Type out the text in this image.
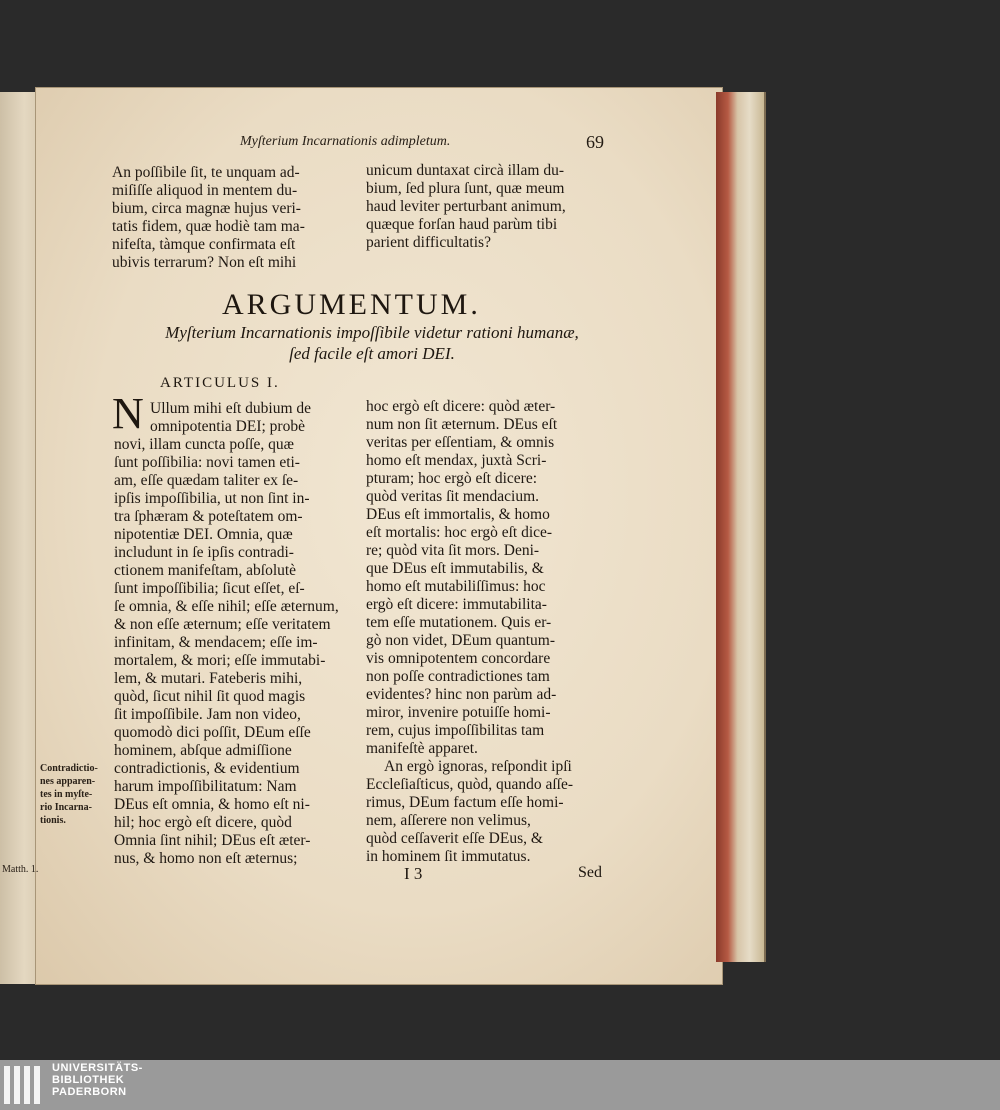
Matth. 1.
Myſterium Incarnationis adimpletum.	69
An poſſibile ſit, te unquam ad-
miſiſſe aliquod in mentem du-
bium, circa magnæ hujus veri-
tatis fidem, quæ hodiè tam ma-
nifeſta, tàmque confirmata eſt
ubivis terrarum? Non eſt mihi
unicum duntaxat circà illam du-
bium, ſed plura ſunt, quæ meum
haud leviter perturbant animum,
quæque forſan haud parùm tibi
parient difficultatis?
ARGUMENTUM.
Myſterium Incarnationis impoſſibile videtur rationi humanæ,
ſed facile eſt amori DEI.
ARTICULUS I.
N Ullum mihi eſt dubium de
omnipotentia DEI; probè
novi, illam cuncta poſſe, quæ
ſunt poſſibilia: novi tamen eti-
am, eſſe quædam taliter ex ſe-
ipſis impoſſibilia, ut non ſint in-
tra ſphæram & poteſtatem om-
nipotentiæ DEI. Omnia, quæ
includunt in ſe ipſis contradi-
ctionem manifeſtam, abſolutè
ſunt impoſſibilia; ſicut eſſet, eſ-
ſe omnia, & eſſe nihil; eſſe æternum,
& non eſſe æternum; eſſe veritatem
infinitam, & mendacem; eſſe im-
mortalem, & mori; eſſe immutabi-
lem, & mutari. Fateberis mihi,
quòd, ſicut nihil ſit quod magis
ſit impoſſibile. Jam non video,
quomodò dici poſſit, DEum eſſe
hominem, abſque admiſſione
contradictionis, & evidentium
harum impoſſibilitatum: Nam
DEus eſt omnia, & homo eſt ni-
hil; hoc ergò eſt dicere, quòd
Omnia ſint nihil; DEus eſt æter-
nus, & homo non eſt æternus;
hoc ergò eſt dicere: quòd æter-
num non ſit æternum. DEus eſt
veritas per eſſentiam, & omnis
homo eſt mendax, juxtà Scri-
pturam; hoc ergò eſt dicere:
quòd veritas ſit mendacium.
DEus eſt immortalis, & homo
eſt mortalis: hoc ergò eſt dice-
re; quòd vita ſit mors. Deni-
que DEus eſt immutabilis, &
homo eſt mutabiliſſimus: hoc
ergò eſt dicere: immutabilita-
tem eſſe mutationem. Quis er-
gò non videt, DEum quantum-
vis omnipotentem concordare
non poſſe contradictiones tam
evidentes? hinc non parùm ad-
miror, invenire potuiſſe homi-
rem, cujus impoſſibilitas tam
manifeſtè apparet.
An ergò ignoras, reſpondit ipſi
Eccleſiaſticus, quòd, quando aſſe-
rimus, DEum factum eſſe homi-
nem, aſſerere non velimus,
quòd ceſſaverit eſſe DEus, &
in hominem ſit immutatus.
Contradictio-
nes apparen-
tes in myſte-
rio Incarna-
tionis.
I 3	Sed
UNIVERSITÄTS-
BIBLIOTHEK
PADERBORN
